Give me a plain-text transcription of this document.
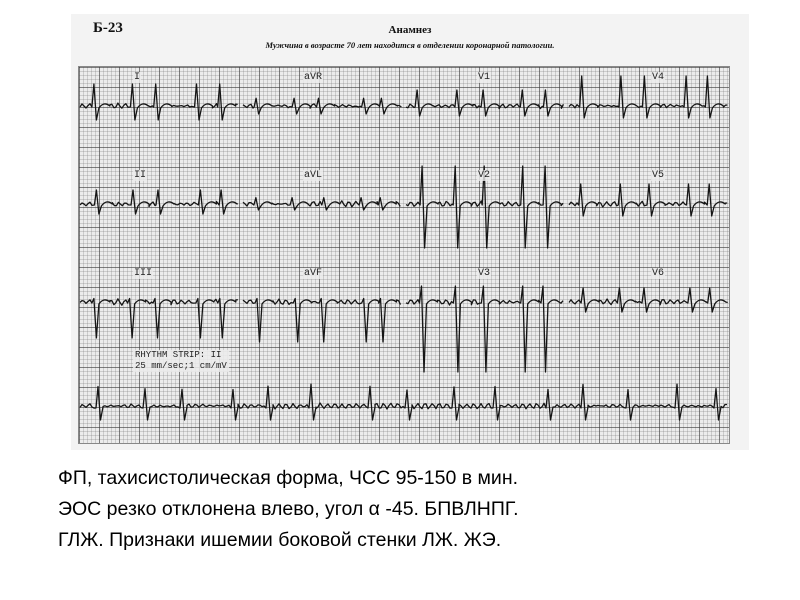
Б-23	Анамнез
Мужчина в возрасте 70 лет находится в отделении коронарной патологии.
I	aVR	V1	V4
II	aVL	V2	V5
III	aVF	V3	V6
RHYTHM STRIP: II
25 mm/sec;1 cm/mV
ФП, тахисистолическая форма, ЧСС 95-150 в мин.
ЭОС резко отклонена влево, угол α -45. БПВЛНПГ.
ГЛЖ. Признаки ишемии боковой стенки ЛЖ. ЖЭ.
